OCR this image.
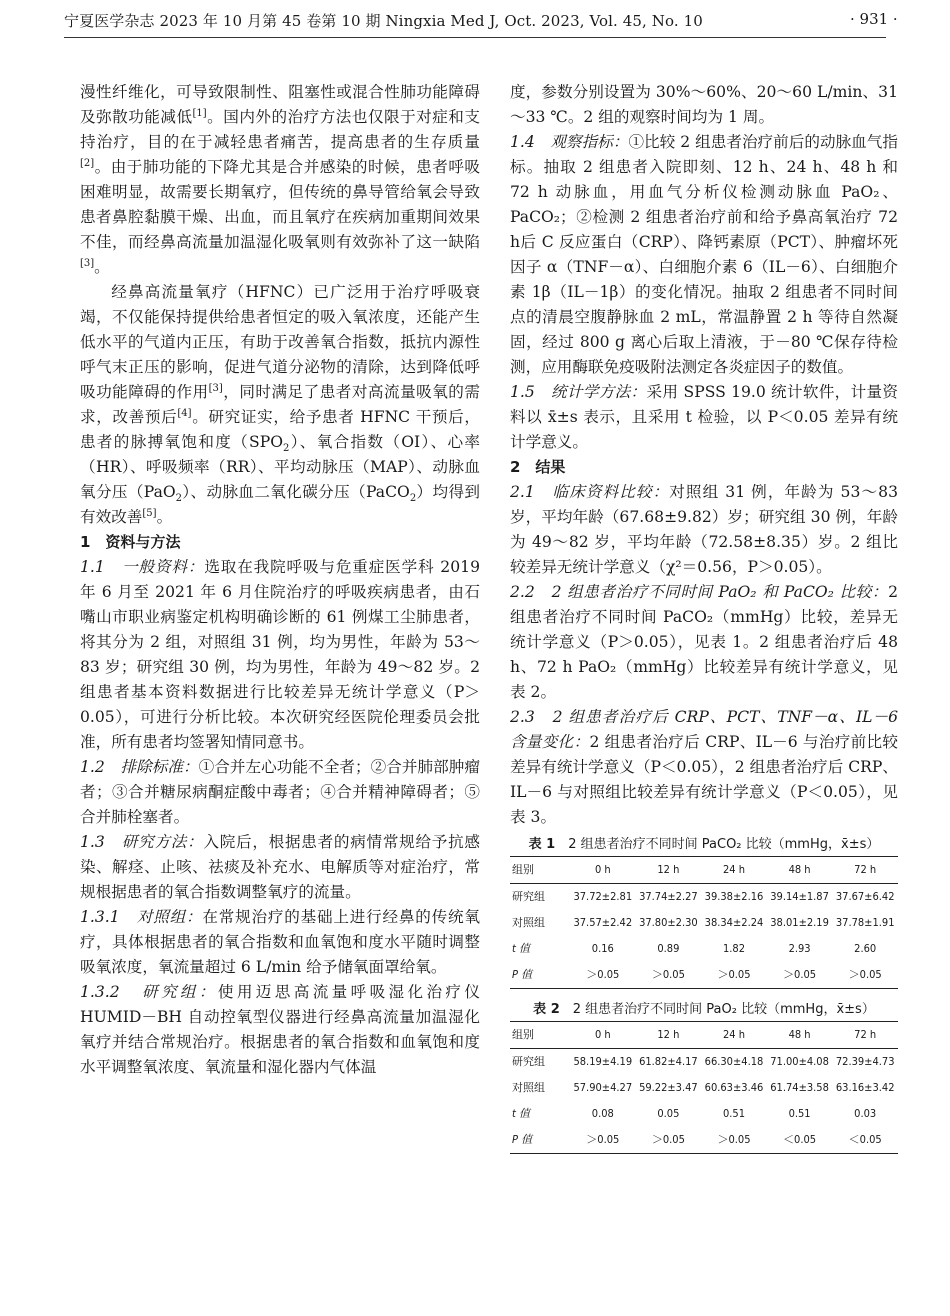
宁夏医学杂志 2023 年 10 月第 45 卷第 10 期 Ningxia Med J, Oct. 2023, Vol. 45, No. 10	· 931 ·

漫性纤维化，可导致限制性、阻塞性或混合性肺功能障碍及弥散功能减低[1]。国内外的治疗方法也仅限于对症和支持治疗，目的在于减轻患者痛苦，提高患者的生存质量[2]。由于肺功能的下降尤其是合并感染的时候，患者呼吸困难明显，故需要长期氧疗，但传统的鼻导管给氧会导致患者鼻腔黏膜干燥、出血，而且氧疗在疾病加重期间效果不佳，而经鼻高流量加温湿化吸氧则有效弥补了这一缺陷[3]。

经鼻高流量氧疗（HFNC）已广泛用于治疗呼吸衰竭，不仅能保持提供给患者恒定的吸入氧浓度，还能产生低水平的气道内正压，有助于改善氧合指数，抵抗内源性呼气末正压的影响，促进气道分泌物的清除，达到降低呼吸功能障碍的作用[3]，同时满足了患者对高流量吸氧的需求，改善预后[4]。研究证实，给予患者 HFNC 干预后，患者的脉搏氧饱和度$(SPO_2)$、氧合指数（OI）、心率（HR）、呼吸频率（RR）、平均动脉压（MAP）、动脉血氧分压（PaO$_2$）、动脉血二氧化碳分压（PaCO$_2$）均得到有效改善[5]。

1　资料与方法

1.1　一般资料：选取在我院呼吸与危重症医学科 2019 年 6 月至 2021 年 6 月住院治疗的呼吸疾病患者，由石嘴山市职业病鉴定机构明确诊断的 61 例煤工尘肺患者，将其分为 2 组，对照组 31 例，均为男性，年龄为 53～83 岁；研究组 30 例，均为男性，年龄为 49～82 岁。2 组患者基本资料数据进行比较差异无统计学意义（P＞0.05），可进行分析比较。本次研究经医院伦理委员会批准，所有患者均签署知情同意书。

1.2　排除标准：①合并左心功能不全者；②合并肺部肿瘤者；③合并糖尿病酮症酸中毒者；④合并精神障碍者；⑤合并肺栓塞者。

1.3　研究方法：入院后，根据患者的病情常规给予抗感染、解痉、止咳、祛痰及补充水、电解质等对症治疗，常规根据患者的氧合指数调整氧疗的流量。

1.3.1　对照组：在常规治疗的基础上进行经鼻的传统氧疗，具体根据患者的氧合指数和血氧饱和度水平随时调整吸氧浓度，氧流量超过 6 L/min 给予储氧面罩给氧。

1.3.2　研究组：使用迈思高流量呼吸湿化治疗仪 HUMID－BH 自动控氧型仪器进行经鼻高流量加温湿化氧疗并结合常规治疗。根据患者的氧合指数和血氧饱和度水平调整氧浓度、氧流量和湿化器内气体温

度，参数分别设置为 30%～60%、20～60 L/min、31～33 ℃。2 组的观察时间均为 1 周。

1.4　观察指标：①比较 2 组患者治疗前后的动脉血气指标。抽取 2 组患者入院即刻、12 h、24 h、48 h 和 72 h 动脉血，用血气分析仪检测动脉血 PaO₂、PaCO₂；②检测 2 组患者治疗前和给予鼻高氧治疗 72 h后 C 反应蛋白（CRP）、降钙素原（PCT）、肿瘤坏死因子 α（TNF－α）、白细胞介素 6（IL－6）、白细胞介素 1β（IL－1β）的变化情况。抽取 2 组患者不同时间点的清晨空腹静脉血 2 mL，常温静置 2 h 等待自然凝固，经过 800 g 离心后取上清液，于－80 ℃保存待检测，应用酶联免疫吸附法测定各炎症因子的数值。

1.5　统计学方法：采用 SPSS 19.0 统计软件，计量资料以 x̄±s 表示，且采用 t 检验，以 P＜0.05 差异有统计学意义。

2　结果

2.1　临床资料比较：对照组 31 例，年龄为 53～83 岁，平均年龄（67.68±9.82）岁；研究组 30 例，年龄为 49～82 岁，平均年龄（72.58±8.35）岁。2 组比较差异无统计学意义（χ²＝0.56，P＞0.05）。

2.2　2 组患者治疗不同时间 PaO₂ 和 PaCO₂ 比较：2 组患者治疗不同时间 PaCO₂（mmHg）比较，差异无统计学意义（P＞0.05），见表 1。2 组患者治疗后 48 h、72 h PaO₂（mmHg）比较差异有统计学意义，见表 2。

2.3　2 组患者治疗后 CRP、PCT、TNF－α、IL－6 含量变化：2 组患者治疗后 CRP、IL－6 与治疗前比较差异有统计学意义（P＜0.05），2 组患者治疗后 CRP、IL－6 与对照组比较差异有统计学意义（P＜0.05），见表 3。

表 1　 2 组患者治疗不同时间 PaCO₂ 比较（mmHg，x̄±s）
组别	0 h	12 h	24 h	48 h	72 h
研究组	37.72±2.81	37.74±2.27	39.38±2.16	39.14±1.87	37.67±6.42
对照组	37.57±2.42	37.80±2.30	38.34±2.24	38.01±2.19	37.78±1.91
t 值	0.16	0.89	1.82	2.93	2.60
P 值	＞0.05	＞0.05	＞0.05	＞0.05	＞0.05
表 2　 2 组患者治疗不同时间 PaO₂ 比较（mmHg，x̄±s）
组别	0 h	12 h	24 h	48 h	72 h
研究组	58.19±4.19	61.82±4.17	66.30±4.18	71.00±4.08	72.39±4.73
对照组	57.90±4.27	59.22±3.47	60.63±3.46	61.74±3.58	63.16±3.42
t 值	0.08	0.05	0.51	0.51	0.03
P 值	＞0.05	＞0.05	＞0.05	＜0.05	＜0.05
